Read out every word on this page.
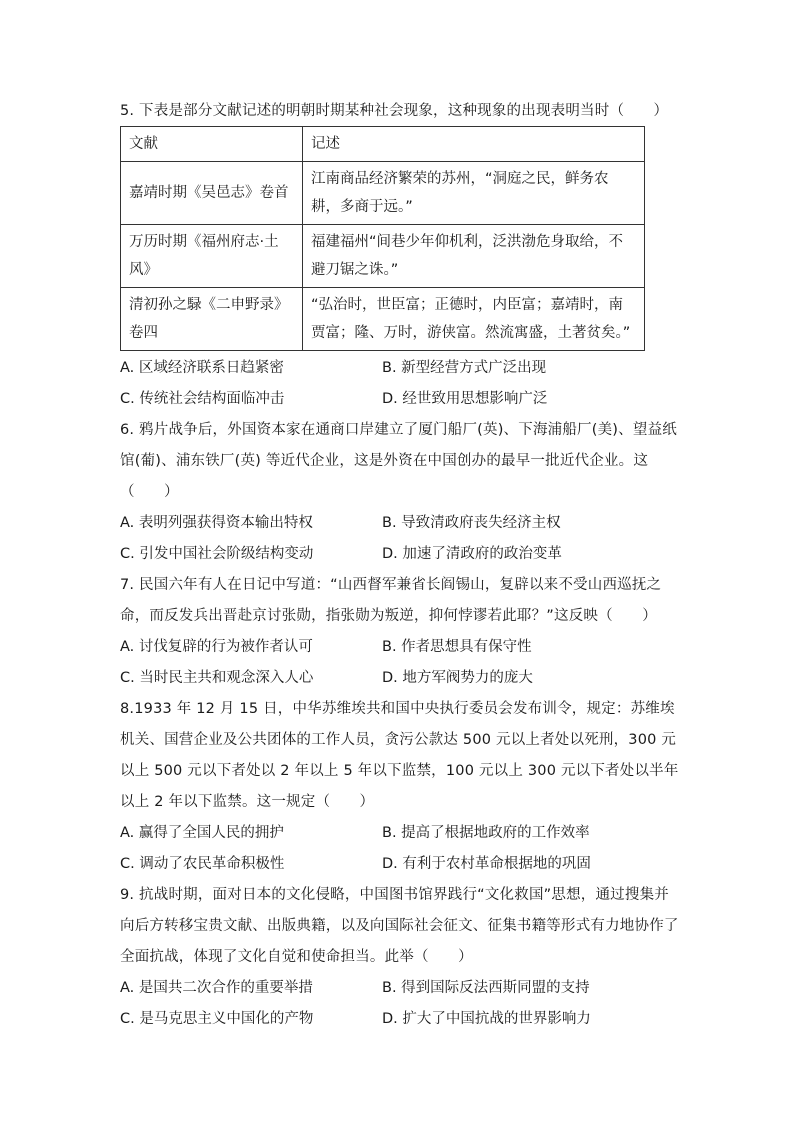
5. 下表是部分文献记述的明朝时期某种社会现象，这种现象的出现表明当时（　　）

文献	记述
嘉靖时期《吴邑志》卷首	江南商品经济繁荣的苏州，“洞庭之民，鲜务农耕，多商于远。”
万历时期《福州府志·土风》	福建福州“间巷少年仰机利，泛洪渤危身取给，不避刀锯之诛。”
清初孙之騄《二申野录》卷四	“弘治时，世臣富；正德时，内臣富；嘉靖时，南贾富；隆、万时，游侠富。然流寓盛，土著贫矣。”
A. 区域经济联系日趋紧密	B. 新型经营方式广泛出现
C. 传统社会结构面临冲击	D. 经世致用思想影响广泛

6. 鸦片战争后，外国资本家在通商口岸建立了厦门船厂(英)、下海浦船厂(美)、望益纸馆(葡)、浦东铁厂(英) 等近代企业，这是外资在中国创办的最早一批近代企业。这（　　）

A. 表明列强获得资本输出特权	B. 导致清政府丧失经济主权
C. 引发中国社会阶级结构变动	D. 加速了清政府的政治变革

7. 民国六年有人在日记中写道：“山西督军兼省长阎锡山，复辟以来不受山西巡抚之命，而反发兵出晋赴京讨张勋，指张勋为叛逆，抑何悖谬若此耶？”这反映（　　）

A. 讨伐复辟的行为被作者认可	B. 作者思想具有保守性
C. 当时民主共和观念深入人心	D. 地方军阀势力的庞大

8.1933 年 12 月 15 日，中华苏维埃共和国中央执行委员会发布训令，规定：苏维埃机关、国营企业及公共团体的工作人员，贪污公款达 500 元以上者处以死刑，300 元以上 500 元以下者处以 2 年以上 5 年以下监禁，100 元以上 300 元以下者处以半年以上 2 年以下监禁。这一规定（　　）

A. 赢得了全国人民的拥护	B. 提高了根据地政府的工作效率
C. 调动了农民革命积极性	D. 有利于农村革命根据地的巩固

9. 抗战时期，面对日本的文化侵略，中国图书馆界践行“文化救国”思想，通过搜集并向后方转移宝贵文献、出版典籍，以及向国际社会征文、征集书籍等形式有力地协作了全面抗战，体现了文化自觉和使命担当。此举（　　）

A. 是国共二次合作的重要举措	B. 得到国际反法西斯同盟的支持
C. 是马克思主义中国化的产物	D. 扩大了中国抗战的世界影响力
